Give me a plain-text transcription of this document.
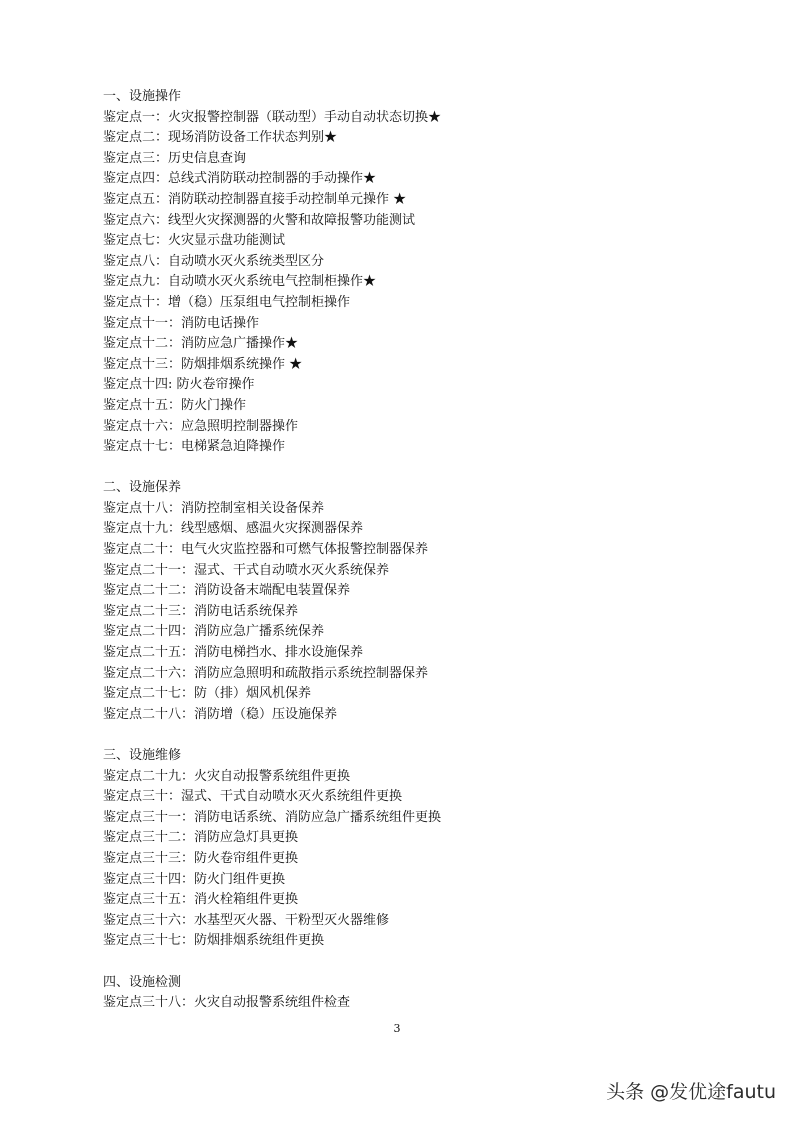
一、设施操作
鉴定点一：火灾报警控制器（联动型）手动自动状态切换★
鉴定点二：现场消防设备工作状态判别★
鉴定点三：历史信息查询
鉴定点四：总线式消防联动控制器的手动操作★
鉴定点五：消防联动控制器直接手动控制单元操作 ★
鉴定点六：线型火灾探测器的火警和故障报警功能测试
鉴定点七：火灾显示盘功能测试
鉴定点八：自动喷水灭火系统类型区分
鉴定点九：自动喷水灭火系统电气控制柜操作★
鉴定点十：增（稳）压泵组电气控制柜操作
鉴定点十一：消防电话操作
鉴定点十二：消防应急广播操作★
鉴定点十三：防烟排烟系统操作 ★
鉴定点十四: 防火卷帘操作
鉴定点十五：防火门操作
鉴定点十六：应急照明控制器操作
鉴定点十七：电梯紧急迫降操作
二、设施保养
鉴定点十八：消防控制室相关设备保养
鉴定点十九：线型感烟、感温火灾探测器保养
鉴定点二十：电气火灾监控器和可燃气体报警控制器保养
鉴定点二十一：湿式、干式自动喷水灭火系统保养
鉴定点二十二：消防设备末端配电装置保养
鉴定点二十三：消防电话系统保养
鉴定点二十四：消防应急广播系统保养
鉴定点二十五：消防电梯挡水、排水设施保养
鉴定点二十六：消防应急照明和疏散指示系统控制器保养
鉴定点二十七：防（排）烟风机保养
鉴定点二十八：消防增（稳）压设施保养
三、设施维修
鉴定点二十九：火灾自动报警系统组件更换
鉴定点三十：湿式、干式自动喷水灭火系统组件更换
鉴定点三十一：消防电话系统、消防应急广播系统组件更换
鉴定点三十二：消防应急灯具更换
鉴定点三十三：防火卷帘组件更换
鉴定点三十四：防火门组件更换
鉴定点三十五：消火栓箱组件更换
鉴定点三十六：水基型灭火器、干粉型灭火器维修
鉴定点三十七：防烟排烟系统组件更换
四、设施检测
鉴定点三十八：火灾自动报警系统组件检查
3
头条 @发优途fautu
